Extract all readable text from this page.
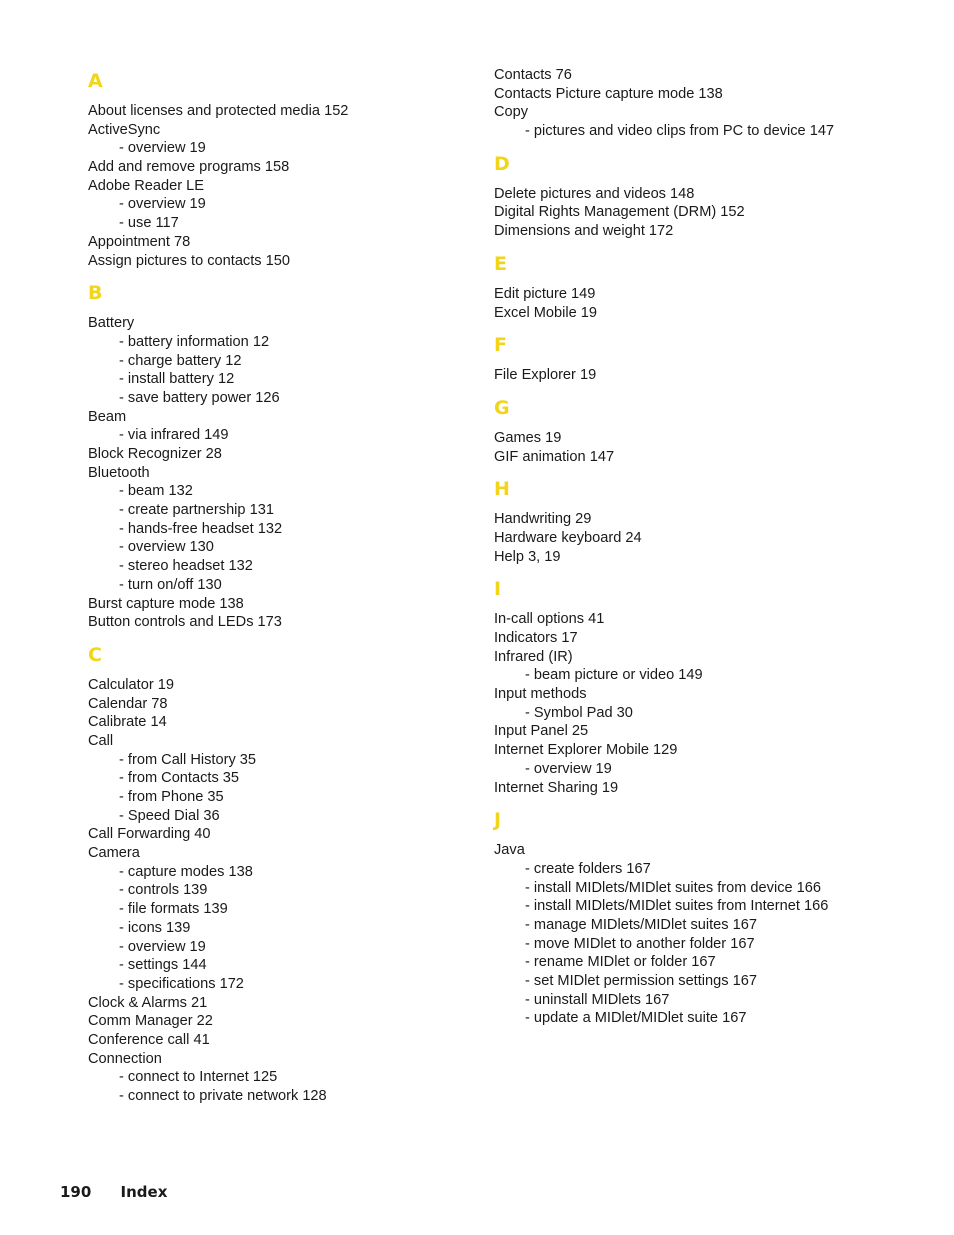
A
About licenses and protected media 152
ActiveSync
- overview 19
Add and remove programs 158
Adobe Reader LE
- overview 19
- use 117
Appointment 78
Assign pictures to contacts 150
B
Battery
- battery information 12
- charge battery 12
- install battery 12
- save battery power 126
Beam
- via infrared 149
Block Recognizer 28
Bluetooth
- beam 132
- create partnership 131
- hands-free headset 132
- overview 130
- stereo headset 132
- turn on/off 130
Burst capture mode 138
Button controls and LEDs 173
C
Calculator 19
Calendar 78
Calibrate 14
Call
- from Call History 35
- from Contacts 35
- from Phone 35
- Speed Dial 36
Call Forwarding 40
Camera
- capture modes 138
- controls 139
- file formats 139
- icons 139
- overview 19
- settings 144
- specifications 172
Clock & Alarms 21
Comm Manager 22
Conference call 41
Connection
- connect to Internet 125
- connect to private network 128
Contacts 76
Contacts Picture capture mode 138
Copy
- pictures and video clips from PC to device 147
D
Delete pictures and videos 148
Digital Rights Management (DRM) 152
Dimensions and weight 172
E
Edit picture 149
Excel Mobile 19
F
File Explorer 19
G
Games 19
GIF animation 147
H
Handwriting 29
Hardware keyboard 24
Help 3, 19
I
In-call options 41
Indicators 17
Infrared (IR)
- beam picture or video 149
Input methods
- Symbol Pad 30
Input Panel 25
Internet Explorer Mobile 129
- overview 19
Internet Sharing 19
J
Java
- create folders 167
- install MIDlets/MIDlet suites from device 166
- install MIDlets/MIDlet suites from Internet 166
- manage MIDlets/MIDlet suites 167
- move MIDlet to another folder 167
- rename MIDlet or folder 167
- set MIDlet permission settings 167
- uninstall MIDlets 167
- update a MIDlet/MIDlet suite 167
190 Index
